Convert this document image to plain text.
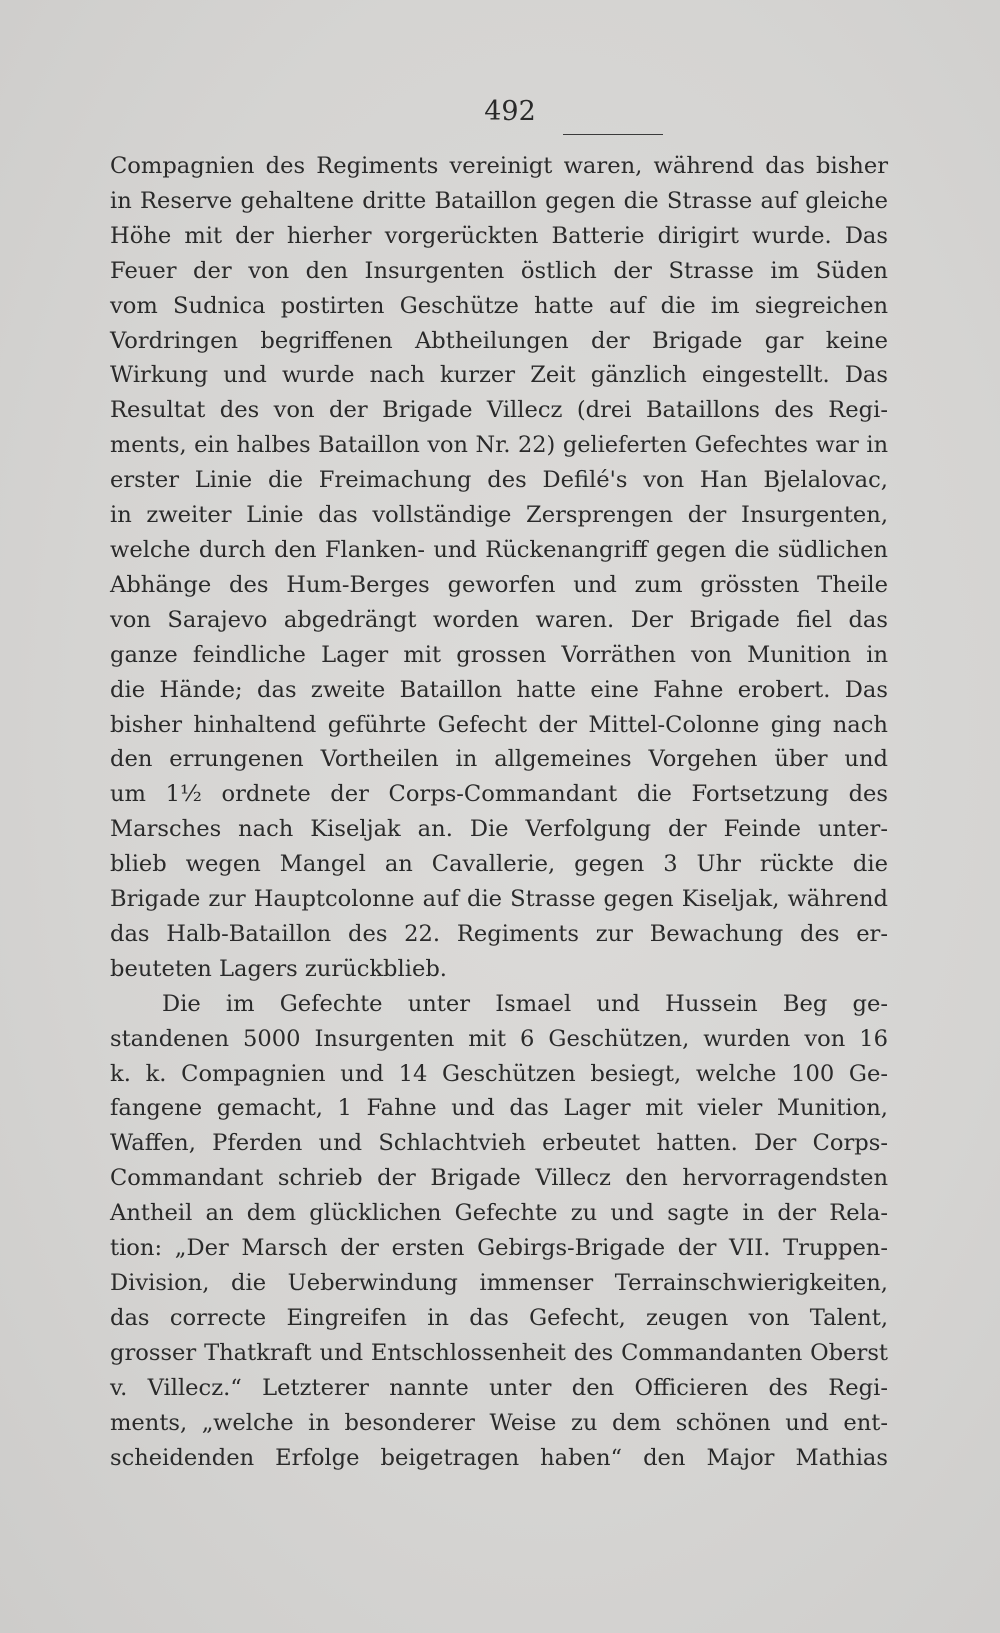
492

Compagnien des Regiments vereinigt waren, während das bisher
in Reserve gehaltene dritte Bataillon gegen die Strasse auf gleiche
Höhe mit der hierher vorgerückten Batterie dirigirt wurde. Das
Feuer der von den Insurgenten östlich der Strasse im Süden
vom Sudnica postirten Geschütze hatte auf die im siegreichen
Vordringen begriffenen Abtheilungen der Brigade gar keine
Wirkung und wurde nach kurzer Zeit gänzlich eingestellt. Das
Resultat des von der Brigade Villecz (drei Bataillons des Regi-
ments, ein halbes Bataillon von Nr. 22) gelieferten Gefechtes war in
erster Linie die Freimachung des Defilé's von Han Bjelalovac,
in zweiter Linie das vollständige Zersprengen der Insurgenten,
welche durch den Flanken- und Rückenangriff gegen die südlichen
Abhänge des Hum-Berges geworfen und zum grössten Theile
von Sarajevo abgedrängt worden waren. Der Brigade fiel das
ganze feindliche Lager mit grossen Vorräthen von Munition in
die Hände; das zweite Bataillon hatte eine Fahne erobert. Das
bisher hinhaltend geführte Gefecht der Mittel-Colonne ging nach
den errungenen Vortheilen in allgemeines Vorgehen über und
um 1½ ordnete der Corps-Commandant die Fortsetzung des
Marsches nach Kiseljak an. Die Verfolgung der Feinde unter-
blieb wegen Mangel an Cavallerie, gegen 3 Uhr rückte die
Brigade zur Hauptcolonne auf die Strasse gegen Kiseljak, während
das Halb-Bataillon des 22. Regiments zur Bewachung des er-
beuteten Lagers zurückblieb.

Die im Gefechte unter Ismael und Hussein Beg ge-
standenen 5000 Insurgenten mit 6 Geschützen, wurden von 16
k. k. Compagnien und 14 Geschützen besiegt, welche 100 Ge-
fangene gemacht, 1 Fahne und das Lager mit vieler Munition,
Waffen, Pferden und Schlachtvieh erbeutet hatten. Der Corps-
Commandant schrieb der Brigade Villecz den hervorragendsten
Antheil an dem glücklichen Gefechte zu und sagte in der Rela-
tion: „Der Marsch der ersten Gebirgs-Brigade der VII. Truppen-
Division, die Ueberwindung immenser Terrainschwierigkeiten,
das correcte Eingreifen in das Gefecht, zeugen von Talent,
grosser Thatkraft und Entschlossenheit des Commandanten Oberst
v. Villecz.“ Letzterer nannte unter den Officieren des Regi-
ments, „welche in besonderer Weise zu dem schönen und ent-
scheidenden Erfolge beigetragen haben“ den Major Mathias
